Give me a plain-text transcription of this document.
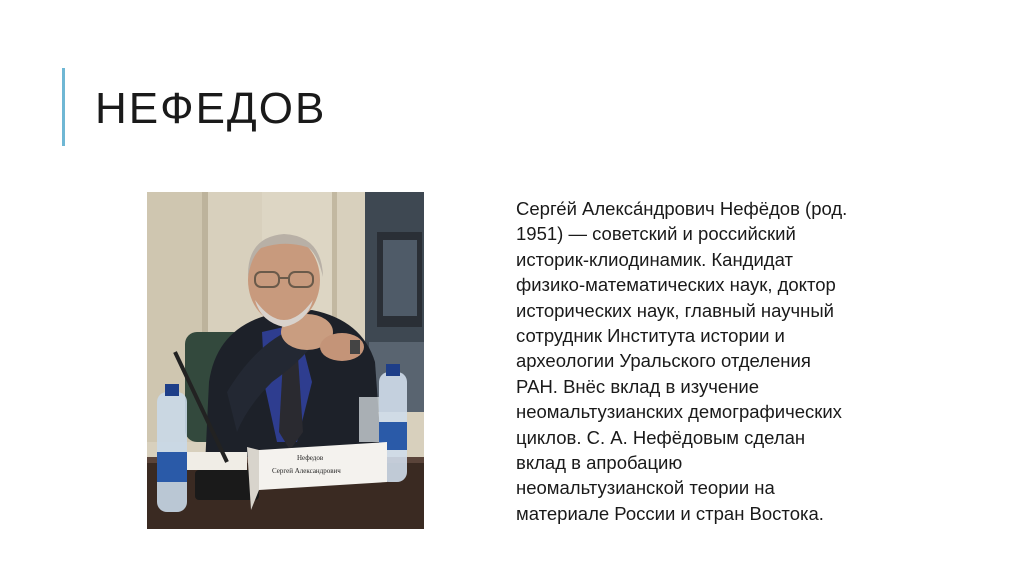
НЕФЕДОВ
Нефедов
Сергей Александрович
Серге́й Алекса́ндрович Нефёдов (род.
1951) — советский и российский
историк-клиодинамик. Кандидат
физико-математических наук, доктор
исторических наук, главный научный
сотрудник Института истории и
археологии Уральского отделения
РАН. Внёс вклад в изучение
неомальтузианских демографических
циклов. С. А. Нефёдовым сделан
вклад в апробацию
неомальтузианской теории на
материале России и стран Востока.
